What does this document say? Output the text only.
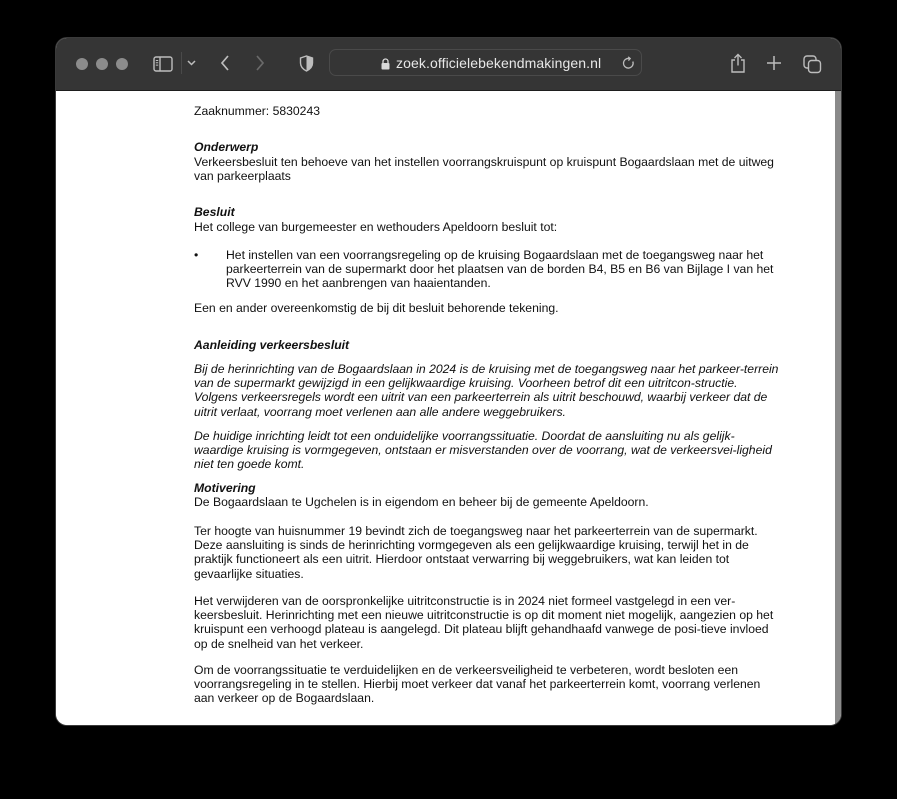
zoek.officielebekendmakingen.nl

Zaaknummer: 5830243

Onderwerp

Verkeersbesluit ten behoeve van het instellen voorrangskruispunt op kruispunt Bogaardslaan met de uitweg van parkeerplaats

Besluit

Het college van burgemeester en wethouders Apeldoorn besluit tot:

• Het instellen van een voorrangsregeling op de kruising Bogaardslaan met de toegangsweg naar het parkeerterrein van de supermarkt door het plaatsen van de borden B4, B5 en B6 van Bijlage I van het RVV 1990 en het aanbrengen van haaientanden.

Een en ander overeenkomstig de bij dit besluit behorende tekening.

Aanleiding verkeersbesluit

Bij de herinrichting van de Bogaardslaan in 2024 is de kruising met de toegangsweg naar het parkeer-terrein van de supermarkt gewijzigd in een gelijkwaardige kruising. Voorheen betrof dit een uitritcon-structie. Volgens verkeersregels wordt een uitrit van een parkeerterrein als uitrit beschouwd, waarbij verkeer dat de uitrit verlaat, voorrang moet verlenen aan alle andere weggebruikers.

De huidige inrichting leidt tot een onduidelijke voorrangssituatie. Doordat de aansluiting nu als gelijk-waardige kruising is vormgegeven, ontstaan er misverstanden over de voorrang, wat de verkeersvei-ligheid niet ten goede komt.

Motivering

De Bogaardslaan te Ugchelen is in eigendom en beheer bij de gemeente Apeldoorn.

Ter hoogte van huisnummer 19 bevindt zich de toegangsweg naar het parkeerterrein van de supermarkt. Deze aansluiting is sinds de herinrichting vormgegeven als een gelijkwaardige kruising, terwijl het in de praktijk functioneert als een uitrit. Hierdoor ontstaat verwarring bij weggebruikers, wat kan leiden tot gevaarlijke situaties.

Het verwijderen van de oorspronkelijke uitritconstructie is in 2024 niet formeel vastgelegd in een ver-keersbesluit. Herinrichting met een nieuwe uitritconstructie is op dit moment niet mogelijk, aangezien op het kruispunt een verhoogd plateau is aangelegd. Dit plateau blijft gehandhaafd vanwege de posi-tieve invloed op de snelheid van het verkeer.

Om de voorrangssituatie te verduidelijken en de verkeersveiligheid te verbeteren, wordt besloten een voorrangsregeling in te stellen. Hierbij moet verkeer dat vanaf het parkeerterrein komt, voorrang verlenen aan verkeer op de Bogaardslaan.
